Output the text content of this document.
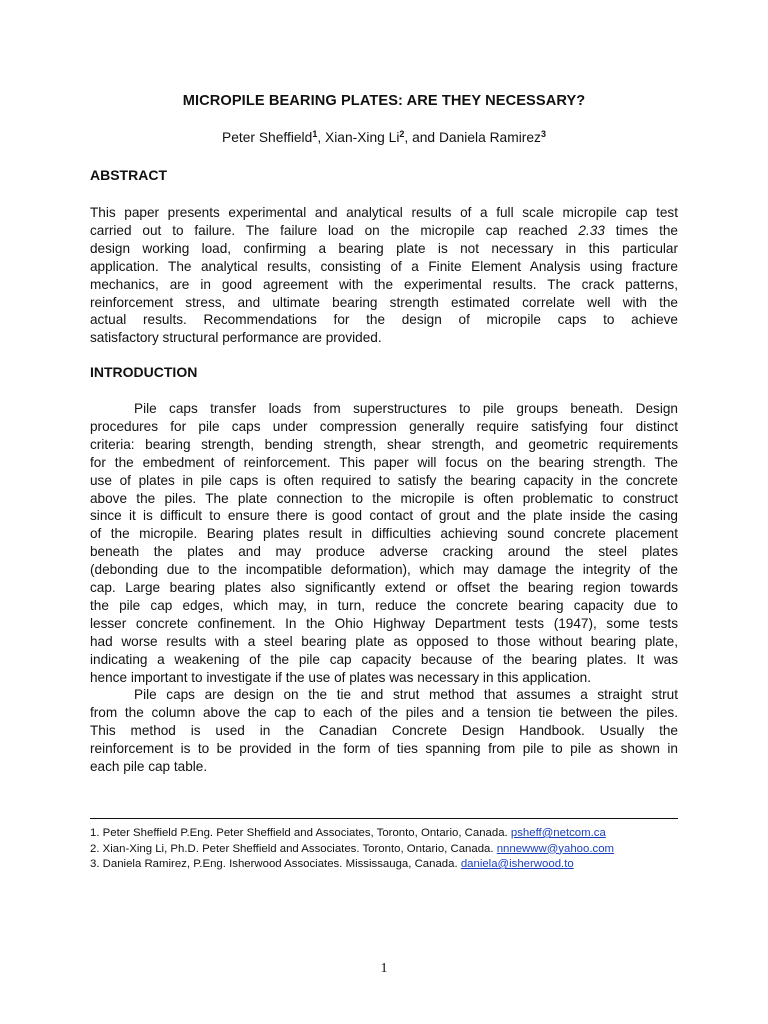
MICROPILE BEARING PLATES: ARE THEY NECESSARY?
Peter Sheffield$^1$, Xian-Xing Li$^2$, and Daniela Ramirez$^3$
ABSTRACT
This paper presents experimental and analytical results of a full scale micropile cap test
carried out to failure. The failure load on the micropile cap reached 2.33 times the
design working load, confirming a bearing plate is not necessary in this particular
application. The analytical results, consisting of a Finite Element Analysis using fracture
mechanics, are in good agreement with the experimental results. The crack patterns,
reinforcement stress, and ultimate bearing strength estimated correlate well with the
actual results. Recommendations for the design of micropile caps to achieve
satisfactory structural performance are provided.
INTRODUCTION
Pile caps transfer loads from superstructures to pile groups beneath. Design
procedures for pile caps under compression generally require satisfying four distinct
criteria: bearing strength, bending strength, shear strength, and geometric requirements
for the embedment of reinforcement. This paper will focus on the bearing strength. The
use of plates in pile caps is often required to satisfy the bearing capacity in the concrete
above the piles. The plate connection to the micropile is often problematic to construct
since it is difficult to ensure there is good contact of grout and the plate inside the casing
of the micropile. Bearing plates result in difficulties achieving sound concrete placement
beneath the plates and may produce adverse cracking around the steel plates
(debonding due to the incompatible deformation), which may damage the integrity of the
cap. Large bearing plates also significantly extend or offset the bearing region towards
the pile cap edges, which may, in turn, reduce the concrete bearing capacity due to
lesser concrete confinement. In the Ohio Highway Department tests (1947), some tests
had worse results with a steel bearing plate as opposed to those without bearing plate,
indicating a weakening of the pile cap capacity because of the bearing plates. It was
hence important to investigate if the use of plates was necessary in this application.
Pile caps are design on the tie and strut method that assumes a straight strut
from the column above the cap to each of the piles and a tension tie between the piles.
This method is used in the Canadian Concrete Design Handbook. Usually the
reinforcement is to be provided in the form of ties spanning from pile to pile as shown in
each pile cap table.
1. Peter Sheffield P.Eng. Peter Sheffield and Associates, Toronto, Ontario, Canada. psheff@netcom.ca
2. Xian-Xing Li, Ph.D. Peter Sheffield and Associates. Toronto, Ontario, Canada. nnnewww@yahoo.com
3. Daniela Ramirez, P.Eng. Isherwood Associates. Mississauga, Canada. daniela@isherwood.to
1
